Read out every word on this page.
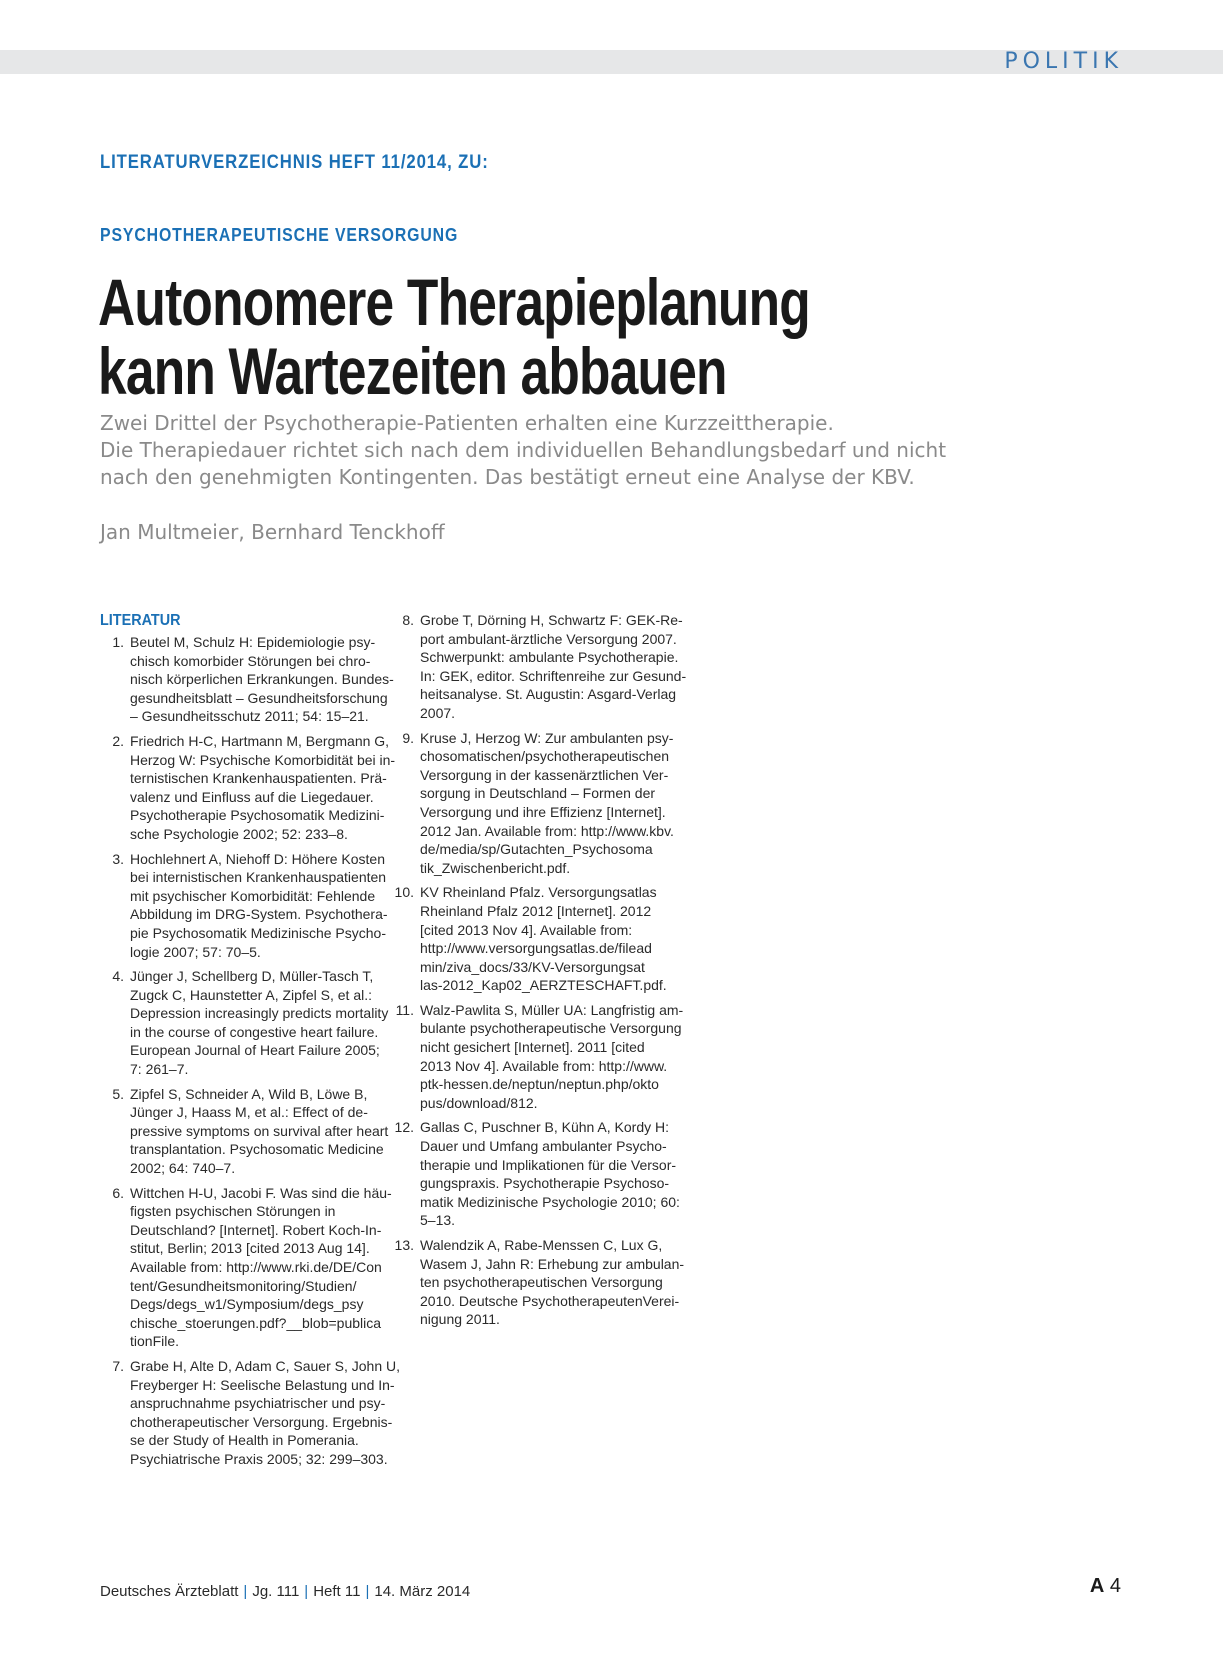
POLITIK
LITERATURVERZEICHNIS HEFT 11/2014, ZU:
PSYCHOTHERAPEUTISCHE VERSORGUNG
Autonomere Therapieplanung
kann Wartezeiten abbauen

Zwei Drittel der Psychotherapie-Patienten erhalten eine Kurzzeittherapie.
Die Therapiedauer richtet sich nach dem individuellen Behandlungsbedarf und nicht
nach den genehmigten Kontingenten. Das bestätigt erneut eine Analyse der KBV.

Jan Multmeier, Bernhard Tenckhoff
LITERATUR
1. Beutel M, Schulz H: Epidemiologie psy-
chisch komorbider Störungen bei chro-
nisch körperlichen Erkrankungen. Bundes-
gesundheitsblatt – Gesundheitsforschung
– Gesundheitsschutz 2011; 54: 15–21.
2. Friedrich H-C, Hartmann M, Bergmann G,
Herzog W: Psychische Komorbidität bei in-
ternistischen Krankenhauspatienten. Prä-
valenz und Einfluss auf die Liegedauer.
Psychotherapie Psychosomatik Medizini-
sche Psychologie 2002; 52: 233–8.
3. Hochlehnert A, Niehoff D: Höhere Kosten
bei internistischen Krankenhauspatienten
mit psychischer Komorbidität: Fehlende
Abbildung im DRG-System. Psychothera-
pie Psychosomatik Medizinische Psycho-
logie 2007; 57: 70–5.
4. Jünger J, Schellberg D, Müller-Tasch T,
Zugck C, Haunstetter A, Zipfel S, et al.:
Depression increasingly predicts mortality
in the course of congestive heart failure.
European Journal of Heart Failure 2005;
7: 261–7.
5. Zipfel S, Schneider A, Wild B, Löwe B,
Jünger J, Haass M, et al.: Effect of de-
pressive symptoms on survival after heart
transplantation. Psychosomatic Medicine
2002; 64: 740–7.
6. Wittchen H-U, Jacobi F. Was sind die häu-
figsten psychischen Störungen in
Deutschland? [Internet]. Robert Koch-In-
stitut, Berlin; 2013 [cited 2013 Aug 14].
Available from: http://www.rki.de/DE/Con
tent/Gesundheitsmonitoring/Studien/
Degs/degs_w1/Symposium/degs_psy
chische_stoerungen.pdf?__blob=publica
tionFile.
7. Grabe H, Alte D, Adam C, Sauer S, John U,
Freyberger H: Seelische Belastung und In-
anspruchnahme psychiatrischer und psy-
chotherapeutischer Versorgung. Ergebnis-
se der Study of Health in Pomerania.
Psychiatrische Praxis 2005; 32: 299–303.
8. Grobe T, Dörning H, Schwartz F: GEK-Re-
port ambulant-ärztliche Versorgung 2007.
Schwerpunkt: ambulante Psychotherapie.
In: GEK, editor. Schriftenreihe zur Gesund-
heitsanalyse. St. Augustin: Asgard-Verlag
2007.
9. Kruse J, Herzog W: Zur ambulanten psy-
chosomatischen/psychotherapeutischen
Versorgung in der kassenärztlichen Ver-
sorgung in Deutschland – Formen der
Versorgung und ihre Effizienz [Internet].
2012 Jan. Available from: http://www.kbv.
de/media/sp/Gutachten_Psychosoma
tik_Zwischenbericht.pdf.
10. KV Rheinland Pfalz. Versorgungsatlas
Rheinland Pfalz 2012 [Internet]. 2012
[cited 2013 Nov 4]. Available from:
http://www.versorgungsatlas.de/filead
min/ziva_docs/33/KV-Versorgungsat
las-2012_Kap02_AERZTESCHAFT.pdf.
11. Walz-Pawlita S, Müller UA: Langfristig am-
bulante psychotherapeutische Versorgung
nicht gesichert [Internet]. 2011 [cited
2013 Nov 4]. Available from: http://www.
ptk-hessen.de/neptun/neptun.php/okto
pus/download/812.
12. Gallas C, Puschner B, Kühn A, Kordy H:
Dauer und Umfang ambulanter Psycho-
therapie und Implikationen für die Versor-
gungspraxis. Psychotherapie Psychoso-
matik Medizinische Psychologie 2010; 60:
5–13.
13. Walendzik A, Rabe-Menssen C, Lux G,
Wasem J, Jahn R: Erhebung zur ambulan-
ten psychotherapeutischen Versorgung
2010. Deutsche PsychotherapeutenVerei-
nigung 2011.
Deutsches Ärzteblatt | Jg. 111 | Heft 11 | 14. März 2014	A 4
